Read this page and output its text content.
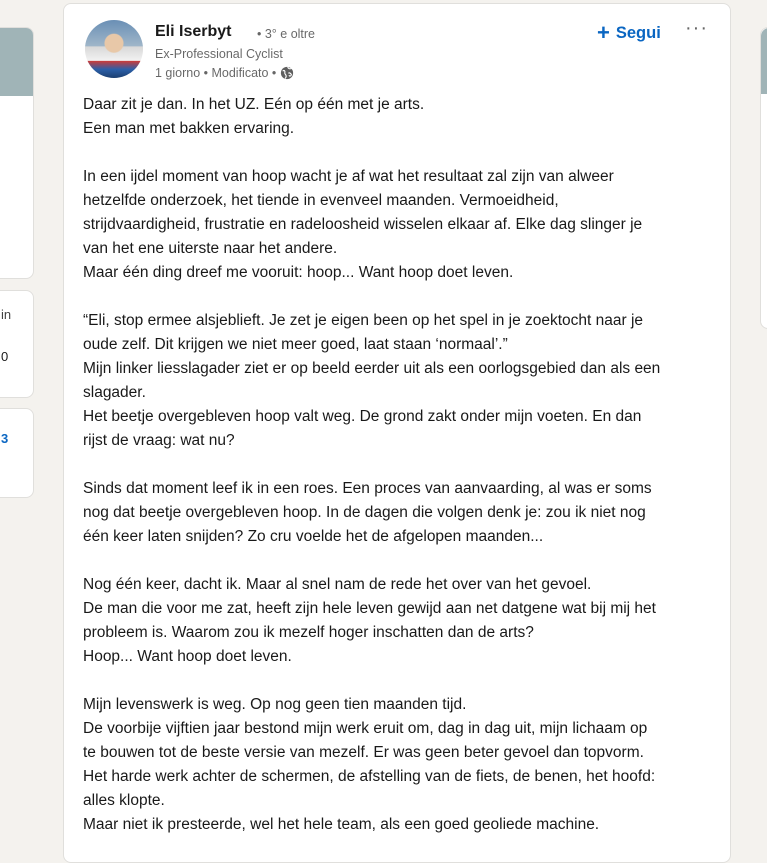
in
0
3
Eli Iserbyt • 3° e oltre
Ex-Professional Cyclist
1 giorno • Modificato •
+ Segui ···
Daar zit je dan. In het UZ. Eén op één met je arts.
Een man met bakken ervaring.
In een ijdel moment van hoop wacht je af wat het resultaat zal zijn van alweer
hetzelfde onderzoek, het tiende in evenveel maanden. Vermoeidheid,
strijdvaardigheid, frustratie en radeloosheid wisselen elkaar af. Elke dag slinger je
van het ene uiterste naar het andere.
Maar één ding dreef me vooruit: hoop... Want hoop doet leven.
“Eli, stop ermee alsjeblieft. Je zet je eigen been op het spel in je zoektocht naar je
oude zelf. Dit krijgen we niet meer goed, laat staan ‘normaal’.”
Mijn linker liesslagader ziet er op beeld eerder uit als een oorlogsgebied dan als een
slagader.
Het beetje overgebleven hoop valt weg. De grond zakt onder mijn voeten. En dan
rijst de vraag: wat nu?
Sinds dat moment leef ik in een roes. Een proces van aanvaarding, al was er soms
nog dat beetje overgebleven hoop. In de dagen die volgen denk je: zou ik niet nog
één keer laten snijden? Zo cru voelde het de afgelopen maanden...
Nog één keer, dacht ik. Maar al snel nam de rede het over van het gevoel.
De man die voor me zat, heeft zijn hele leven gewijd aan net datgene wat bij mij het
probleem is. Waarom zou ik mezelf hoger inschatten dan de arts?
Hoop... Want hoop doet leven.
Mijn levenswerk is weg. Op nog geen tien maanden tijd.
De voorbije vijftien jaar bestond mijn werk eruit om, dag in dag uit, mijn lichaam op
te bouwen tot de beste versie van mezelf. Er was geen beter gevoel dan topvorm.
Het harde werk achter de schermen, de afstelling van de fiets, de benen, het hoofd:
alles klopte.
Maar niet ik presteerde, wel het hele team, als een goed geoliede machine.
